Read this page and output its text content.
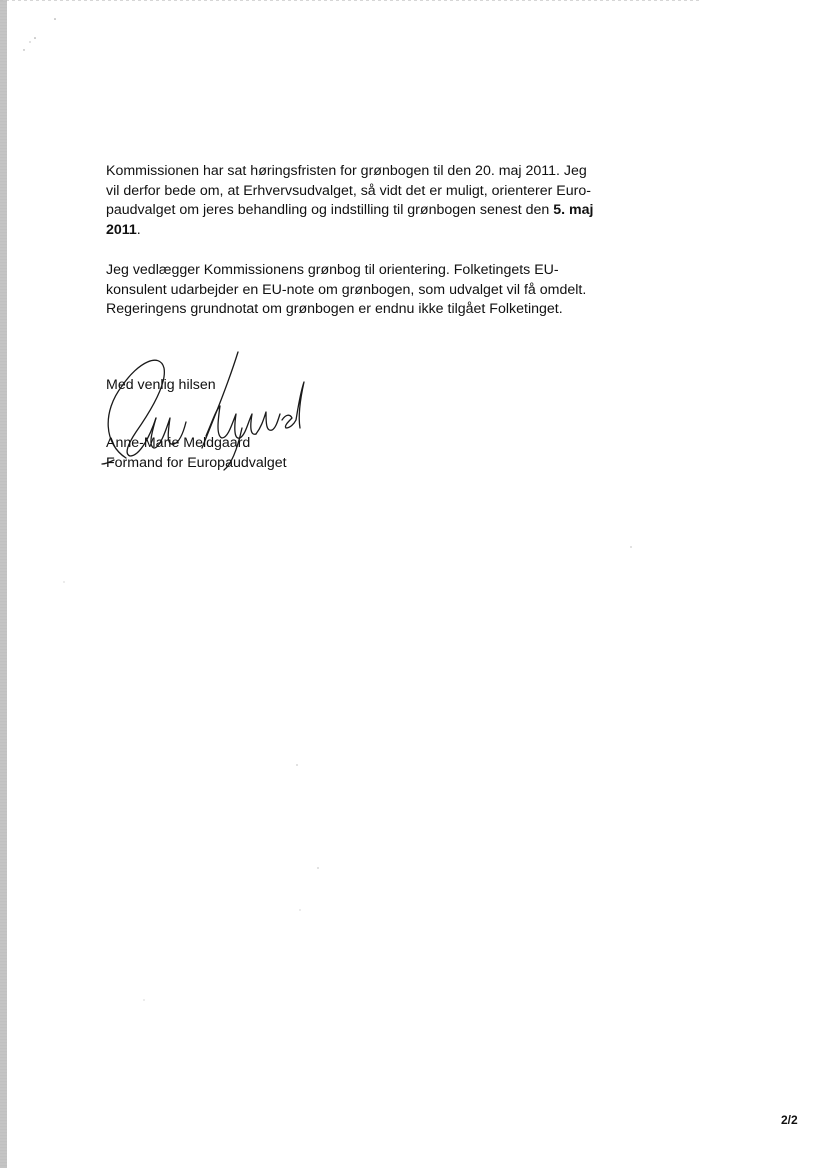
Kommissionen har sat høringsfristen for grønbogen til den 20. maj 2011. Jeg
vil derfor bede om, at Erhvervsudvalget, så vidt det er muligt, orienterer Euro-
paudvalget om jeres behandling og indstilling til grønbogen senest den 5. maj
2011.

Jeg vedlægger Kommissionens grønbog til orientering. Folketingets EU-
konsulent udarbejder en EU-note om grønbogen, som udvalget vil få omdelt.
Regeringens grundnotat om grønbogen er endnu ikke tilgået Folketinget.

Med venlig hilsen
Anne-Marie Meldgaard
Formand for Europaudvalget
2/2
